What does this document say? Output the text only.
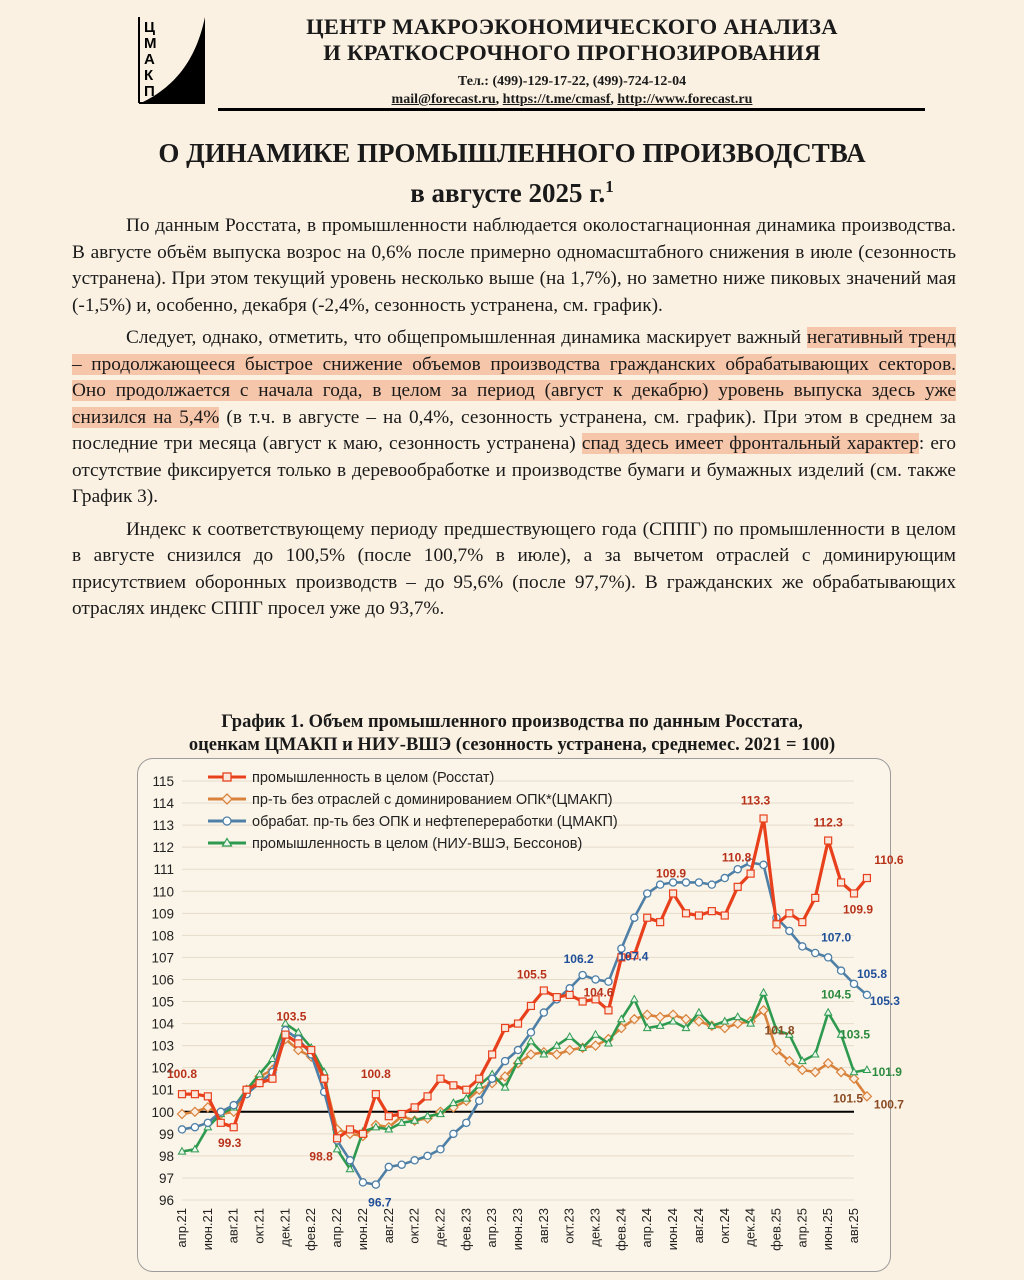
Ц
М
А
К
П
ЦЕНТР МАКРОЭКОНОМИЧЕСКОГО АНАЛИЗА
И КРАТКОСРОЧНОГО ПРОГНОЗИРОВАНИЯ
Тел.: (499)-129-17-22, (499)-724-12-04
mail@forecast.ru, https://t.me/cmasf, http://www.forecast.ru
О ДИНАМИКЕ ПРОМЫШЛЕННОГО ПРОИЗВОДСТВА
в августе 2025 г.$^1$

По данным Росстата, в промышленности наблюдается околостагнационная динамика производства. В августе объём выпуска возрос на 0,6% после примерно одномасштабного снижения в июле (сезонность устранена). При этом текущий уровень несколько выше (на 1,7%), но заметно ниже пиковых значений мая (-1,5%) и, особенно, декабря (-2,4%, сезонность устранена, см. график).

Следует, однако, отметить, что общепромышленная динамика маскирует важный негативный тренд – продолжающееся быстрое снижение объемов производства гражданских обрабатывающих секторов. Оно продолжается с начала года, в целом за период (август к декабрю) уровень выпуска здесь уже снизился на 5,4% (в т.ч. в августе – на 0,4%, сезонность устранена, см. график). При этом в среднем за последние три месяца (август к маю, сезонность устранена) спад здесь имеет фронтальный характер: его отсутствие фиксируется только в деревообработке и производстве бумаги и бумажных изделий (см. также График 3).

Индекс к соответствующему периоду предшествующего года (СППГ) по промышленности в целом в августе снизился до 100,5% (после 100,7% в июле), а за вычетом отраслей с доминирующим присутствием оборонных производств – до 95,6% (после 97,7%). В гражданских же обрабатывающих отраслях индекс СППГ просел уже до 93,7%.

График 1. Объем промышленного производства по данным Росстата,
оценкам ЦМАКП и НИУ-ВШЭ (сезонность устранена, среднемес. 2021 = 100)
96
97
98
99
100
101
102
103
104
105
106
107
108
109
110
111
112
113
114
115
апр.21 июн.21 авг.21 окт.21 дек.21 фев.22 апр.22 июн.22 авг.22 окт.22 дек.22 фев.23 апр.23 июн.23 авг.23 окт.23 дек.23 фев.24 апр.24 июн.24 авг.24 окт.24 дек.24 фев.25 апр.25 июн.25 авг.25
100.8
99.3
103.5
98.8
100.8
105.5
104.6
109.9
110.8
113.3
112.3
109.9
110.6
101.8
101.5 100.7
96.7
106.2 107.4
107.0
105.8
105.3
104.5
103.5
101.9
промышленность в целом (Росстат)
пр-ть без отраслей с доминированием ОПК*(ЦМАКП)
обрабат. пр-ть без ОПК и нефтепереработки (ЦМАКП)
промышленность в целом (НИУ-ВШЭ, Бессонов)
